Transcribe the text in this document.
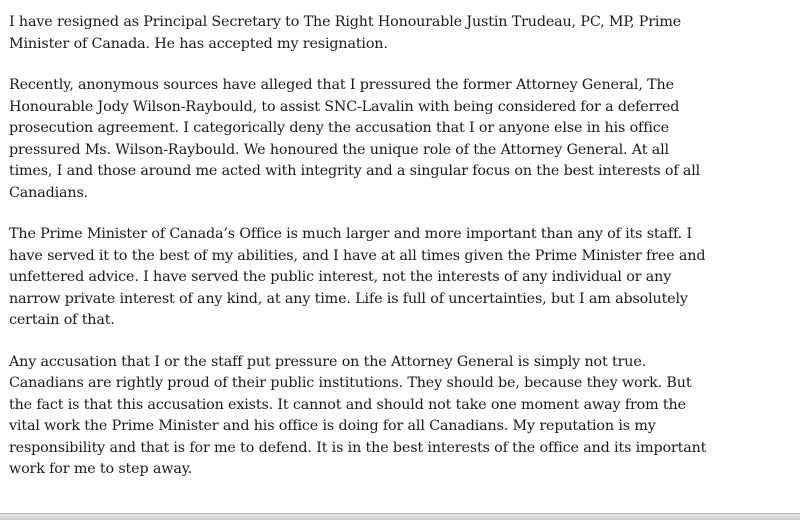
I have resigned as Principal Secretary to The Right Honourable Justin Trudeau, PC, MP, Prime
Minister of Canada. He has accepted my resignation.

Recently, anonymous sources have alleged that I pressured the former Attorney General, The
Honourable Jody Wilson-Raybould, to assist SNC-Lavalin with being considered for a deferred
prosecution agreement. I categorically deny the accusation that I or anyone else in his office
pressured Ms. Wilson-Raybould. We honoured the unique role of the Attorney General. At all
times, I and those around me acted with integrity and a singular focus on the best interests of all
Canadians.

The Prime Minister of Canada’s Office is much larger and more important than any of its staff. I
have served it to the best of my abilities, and I have at all times given the Prime Minister free and
unfettered advice. I have served the public interest, not the interests of any individual or any
narrow private interest of any kind, at any time. Life is full of uncertainties, but I am absolutely
certain of that.

Any accusation that I or the staff put pressure on the Attorney General is simply not true.
Canadians are rightly proud of their public institutions. They should be, because they work. But
the fact is that this accusation exists. It cannot and should not take one moment away from the
vital work the Prime Minister and his office is doing for all Canadians. My reputation is my
responsibility and that is for me to defend. It is in the best interests of the office and its important
work for me to step away.
